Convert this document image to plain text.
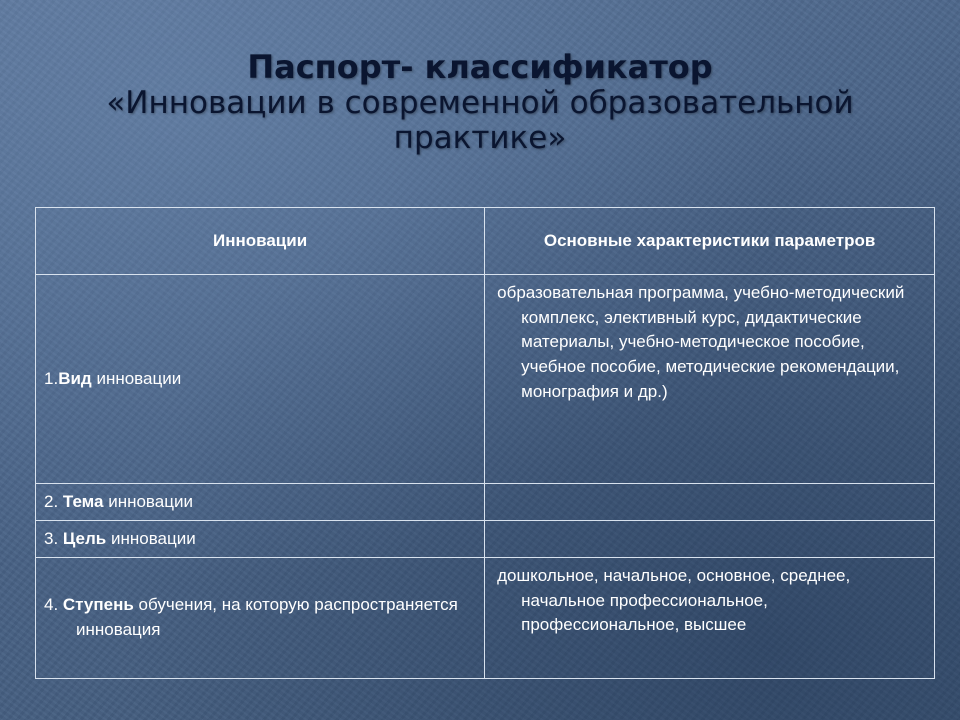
Паспорт- классификатор
«Инновации в современной образовательной практике»
Инновации	Основные характеристики параметров
1.Вид инновации	образовательная программа, учебно-методический комплекс, элективный курс, дидактические материалы, учебно-методическое пособие, учебное пособие, методические рекомендации, монография и др.)

2. Тема инновации	
3. Цель инновации	

4. Ступень обучения, на которую распространяется инновация	дошкольное, начальное, основное, среднее, начальное профессиональное, профессиональное, высшее
